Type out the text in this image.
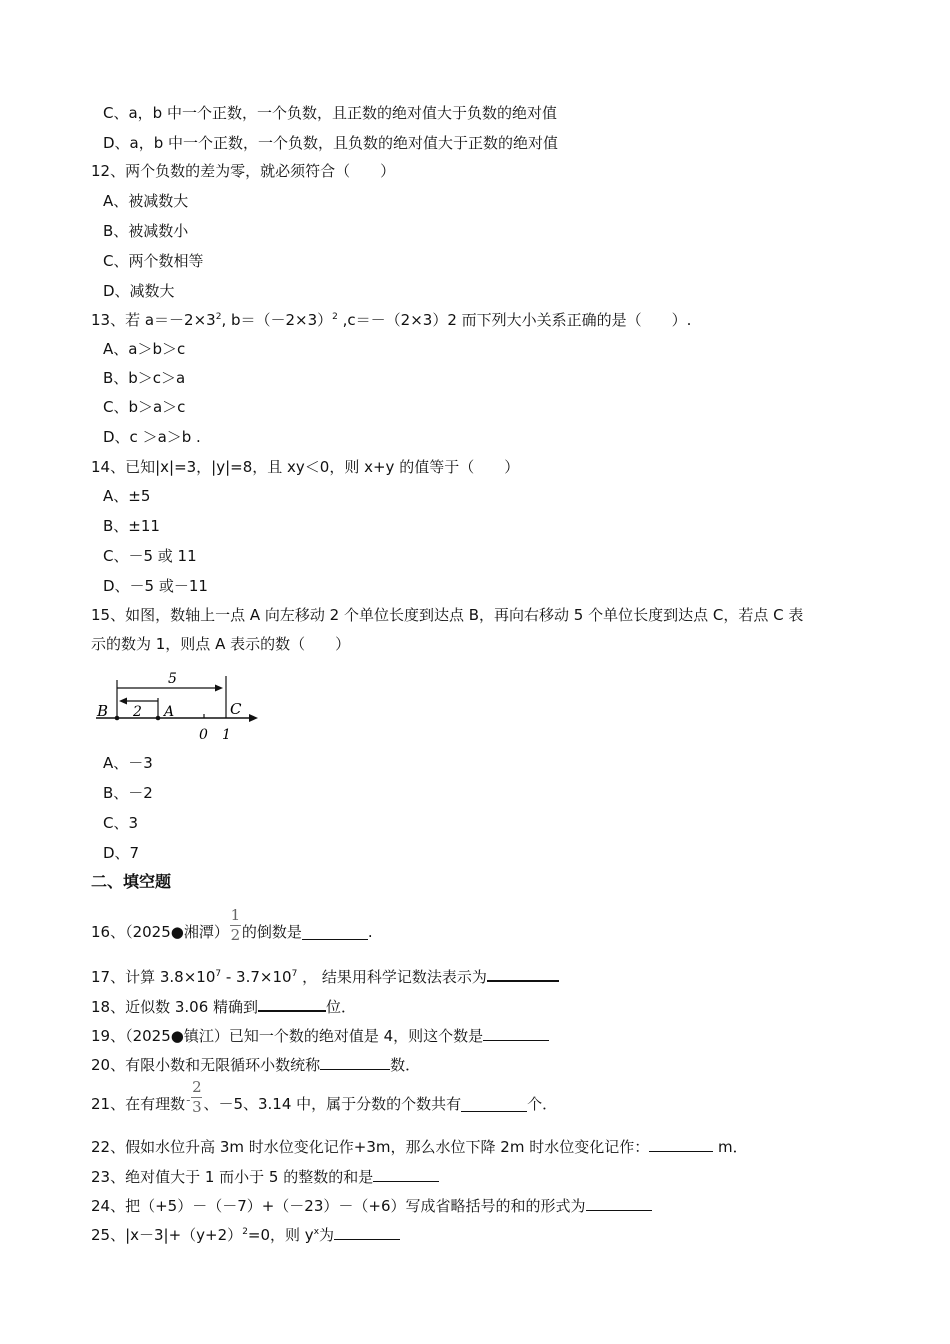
C、a，b 中一个正数，一个负数，且正数的绝对值大于负数的绝对值
D、a，b 中一个正数，一个负数，且负数的绝对值大于正数的绝对值
12、两个负数的差为零，就必须符合（　　）
A、被减数大
B、被减数小
C、两个数相等
D、减数大
13、若 $a=-2\times 3^2$, $b=(-2\times 3)^2$ ,c＝－（2×3）2 而下列大小关系正确的是（　　）.
A、a＞b＞c
B、b＞c＞a
C、b＞a＞c
D、c ＞a＞b .
14、已知|x|=3，|y|=8，且 xy＜0，则 x+y 的值等于（　　）
A、±5
B、±11
C、－5 或 11
D、－5 或－11
15、如图，数轴上一点 A 向左移动 2 个单位长度到达点 B，再向右移动 5 个单位长度到达点 C，若点 C 表
示的数为 1，则点 A 表示的数（　　）
5
2
B	A	C
0 1
A、－3
B、－2
C、3
D、7
二、填空题
16、（2025●湘潭） $\frac{1}{2}$ 的倒数是	.
17、计算 $3.8\times 10^7 - 3.7\times 10^7$ ， 结果用科学记数法表示为
18、近似数 3.06 精确到	位．
19、（2025●镇江）已知一个数的绝对值是 4，则这个数是
20、有限小数和无限循环小数统称	数．
21、在有理数 - $\frac{2}{3}$ 、－5、3.14 中，属于分数的个数共有	个．
22、假如水位升高 3m 时水位变化记作+3m，那么水位下降 2m 时水位变化记作：	m．
23、绝对值大于 1 而小于 5 的整数的和是
24、把（+5）－（－7）+（－23）－（+6）写成省略括号的和的形式为
25、$|x-3|+(y+2)^2=0$，则 $y^x$为
